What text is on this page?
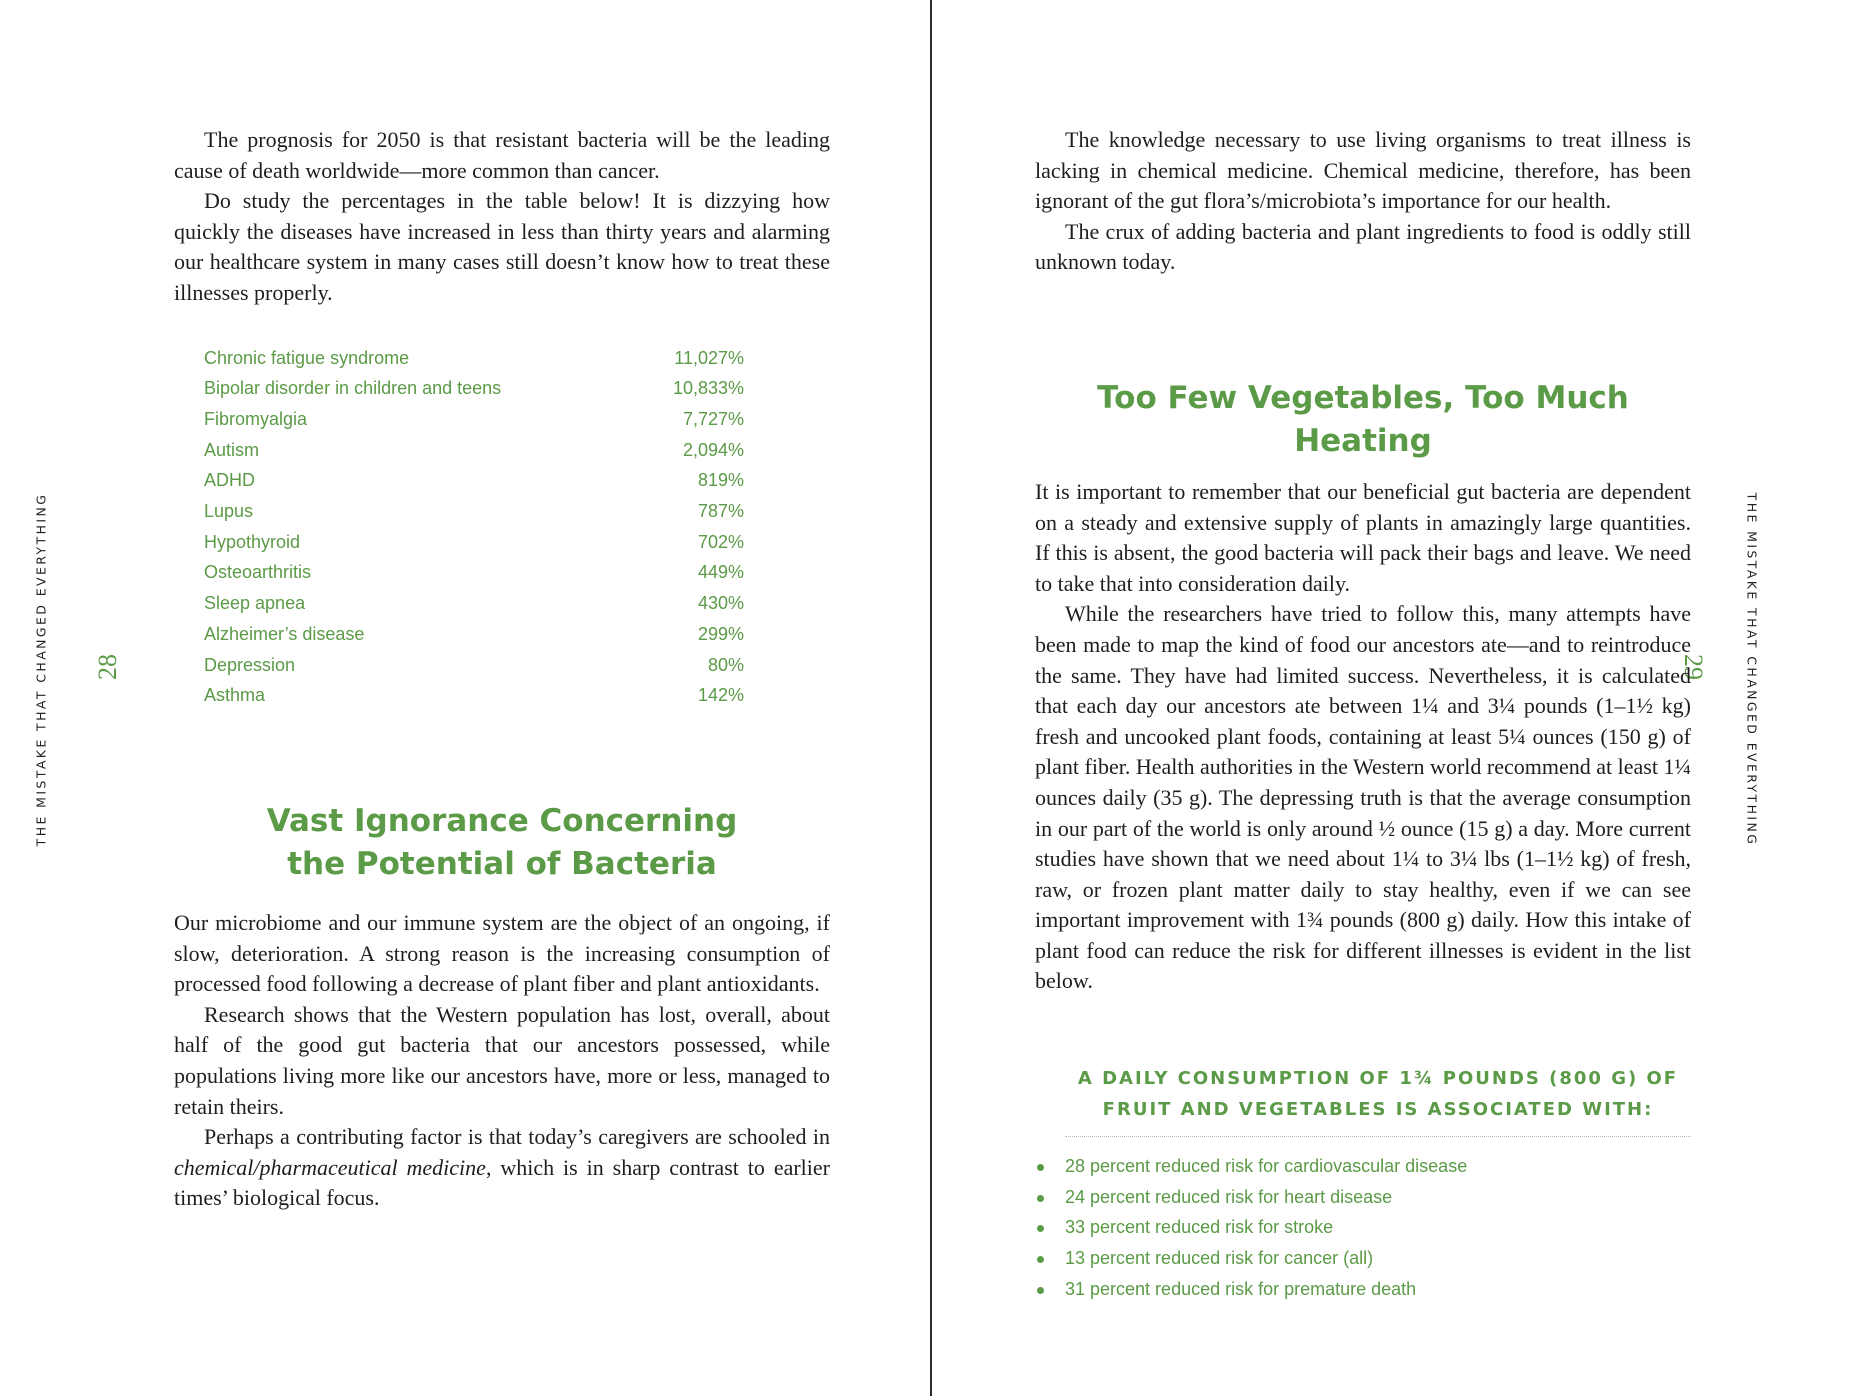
THE MISTAKE THAT CHANGED EVERYTHING 28

The prognosis for 2050 is that resistant bacteria will be the leading cause of death worldwide—more common than cancer.

Do study the percentages in the table below! It is dizzying how quickly the diseases have increased in less than thirty years and alarming our healthcare system in many cases still doesn’t know how to treat these illnesses properly.

Chronic fatigue syndrome	11,027%
Bipolar disorder in children and teens	10,833%
Fibromyalgia	7,727%
Autism	2,094%
ADHD	819%
Lupus	787%
Hypothyroid	702%
Osteoarthritis	449%
Sleep apnea	430%
Alzheimer’s disease	299%
Depression	80%
Asthma	142%
Vast Ignorance Concerning
the Potential of Bacteria

Our microbiome and our immune system are the object of an ongoing, if slow, deterioration. A strong reason is the increasing consumption of processed food following a decrease of plant fiber and plant antioxidants.

Research shows that the Western population has lost, overall, about half of the good gut bacteria that our ancestors possessed, while populations living more like our ancestors have, more or less, managed to retain theirs.

Perhaps a contributing factor is that today’s caregivers are schooled in chemical/pharmaceutical medicine, which is in sharp contrast to earlier times’ biological focus.

THE MISTAKE THAT CHANGED EVERYTHING
29

The knowledge necessary to use living organisms to treat illness is lacking in chemical medicine. Chemical medicine, therefore, has been ignorant of the gut flora’s/microbiota’s importance for our health.

The crux of adding bacteria and plant ingredients to food is oddly still unknown today.

Too Few Vegetables, Too Much Heating

It is important to remember that our beneficial gut bacteria are dependent on a steady and extensive supply of plants in amazingly large quantities. If this is absent, the good bacteria will pack their bags and leave. We need to take that into consideration daily.

While the researchers have tried to follow this, many attempts have been made to map the kind of food our ancestors ate—and to reintroduce the same. They have had limited success. Nevertheless, it is calculated that each day our ancestors ate between 1¼ and 3¼ pounds (1–1½ kg) fresh and uncooked plant foods, containing at least 5¼ ounces (150 g) of plant fiber. Health authorities in the Western world recommend at least 1¼ ounces daily (35 g). The depressing truth is that the average consumption in our part of the world is only around ½ ounce (15 g) a day. More current studies have shown that we need about 1¼ to 3¼ lbs (1–1½ kg) of fresh, raw, or frozen plant matter daily to stay healthy, even if we can see important improvement with 1¾ pounds (800 g) daily. How this intake of plant food can reduce the risk for different illnesses is evident in the list below.

A DAILY CONSUMPTION OF 1¾ POUNDS (800 G) OF
FRUIT AND VEGETABLES IS ASSOCIATED WITH:
28 percent reduced risk for cardiovascular disease
24 percent reduced risk for heart disease
33 percent reduced risk for stroke
13 percent reduced risk for cancer (all)
31 percent reduced risk for premature death
